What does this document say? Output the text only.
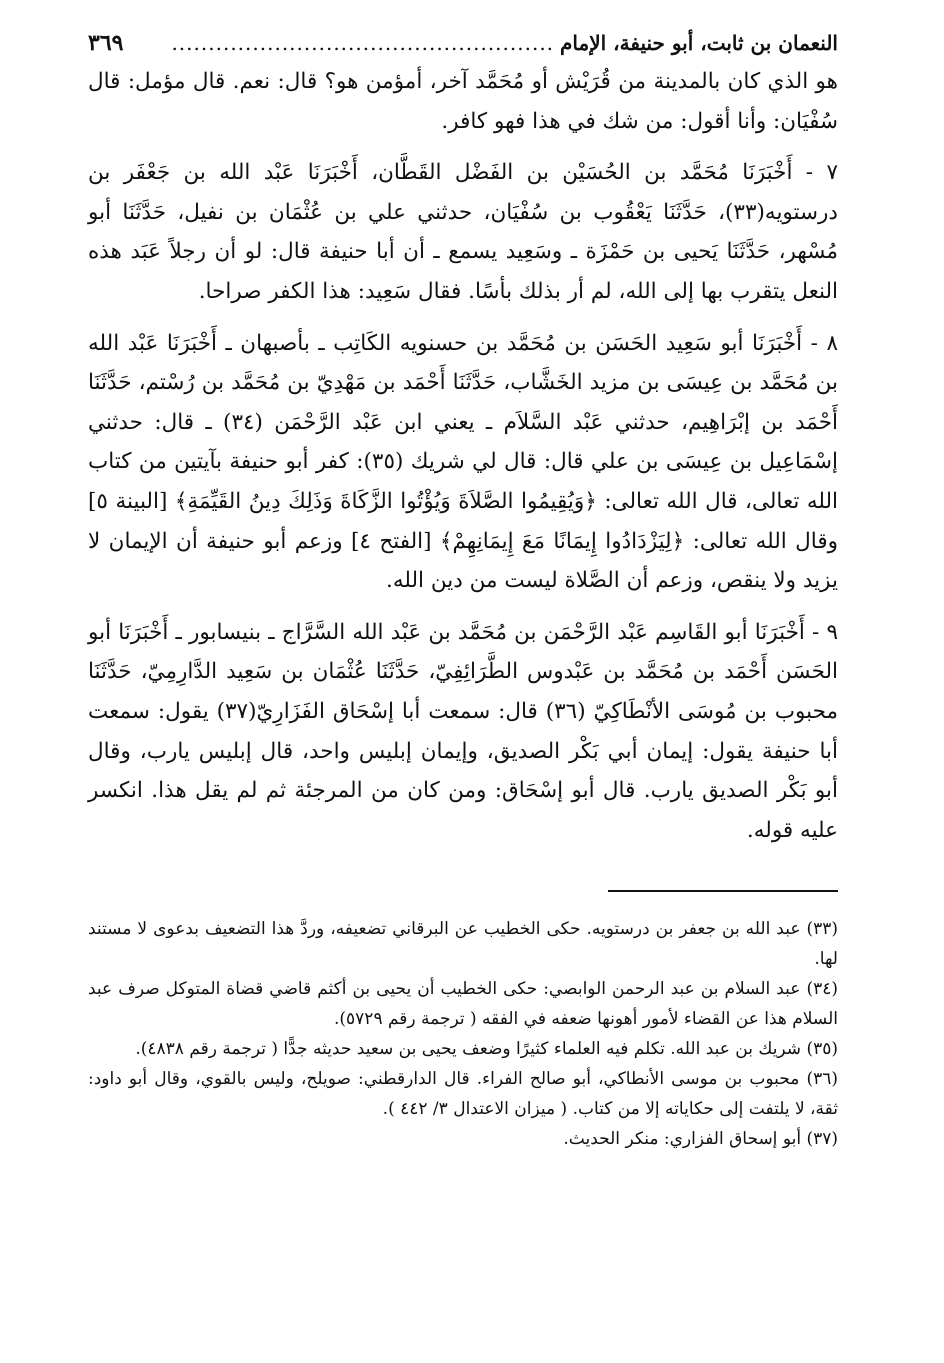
النعمان بن ثابت، أبو حنيفة، الإمام
....................................................
٣٦٩

هو الذي كان بالمدينة من قُرَيْش أو مُحَمَّد آخر، أمؤمن هو؟ قال: نعم. قال مؤمل: قال سُفْيَان: وأنا أقول: من شك في هذا فهو كافر.

٧ - أَخْبَرَنَا مُحَمَّد بن الحُسَيْن بن الفَضْل القَطَّان، أَخْبَرَنَا عَبْد الله بن جَعْفَر بن درستويه(٣٣)، حَدَّثَنَا يَعْقُوب بن سُفْيَان، حدثني علي بن عُثْمَان بن نفيل، حَدَّثَنَا أبو مُسْهر، حَدَّثَنَا يَحيى بن حَمْزَة ـ وسَعِيد يسمع ـ أن أبا حنيفة قال: لو أن رجلاً عَبَد هذه النعل يتقرب بها إلى الله، لم أر بذلك بأسًا. فقال سَعِيد: هذا الكفر صراحا.

٨ - أَخْبَرَنَا أبو سَعِيد الحَسَن بن مُحَمَّد بن حسنويه الكَاتِب ـ بأصبهان ـ أَخْبَرَنَا عَبْد الله بن مُحَمَّد بن عِيسَى بن مزيد الخَشَّاب، حَدَّثَنَا أَحْمَد بن مَهْدِيّ بن مُحَمَّد بن رُسْتم، حَدَّثَنَا أَحْمَد بن إبْرَاهِيم، حدثني عَبْد السَّلاَم ـ يعني ابن عَبْد الرَّحْمَن (٣٤) ـ قال: حدثني إسْمَاعِيل بن عِيسَى بن علي قال: قال لي شريك (٣٥): كفر أبو حنيفة بآيتين من كتاب الله تعالى، قال الله تعالى: ﴿وَيُقِيمُوا الصَّلاَةَ وَيُؤْتُوا الزَّكَاةَ وَذَلِكَ دِينُ القَيِّمَةِ﴾ [البينة ٥] وقال الله تعالى: ﴿لِيَزْدَادُوا إِيمَانًا مَعَ إِيمَانِهِمْ﴾ [الفتح ٤] وزعم أبو حنيفة أن الإيمان لا يزيد ولا ينقص، وزعم أن الصَّلاة ليست من دين الله.

٩ - أَخْبَرَنَا أبو القَاسِم عَبْد الرَّحْمَن بن مُحَمَّد بن عَبْد الله السَّرَّاج ـ بنيسابور ـ أَخْبَرَنَا أبو الحَسَن أَحْمَد بن مُحَمَّد بن عَبْدوس الطَّرَائِفِيّ، حَدَّثَنَا عُثْمَان بن سَعِيد الدَّارِمِيّ، حَدَّثَنَا محبوب بن مُوسَى الأنْطَاكِيّ (٣٦) قال: سمعت أبا إسْحَاق الفَزَارِيّ(٣٧) يقول: سمعت أبا حنيفة يقول: إيمان أبي بَكْر الصديق، وإيمان إبليس واحد، قال إبليس يارب، وقال أبو بَكْر الصديق يارب. قال أبو إسْحَاق: ومن كان من المرجئة ثم لم يقل هذا. انكسر عليه قوله.

(٣٣) عبد الله بن جعفر بن درستويه. حكى الخطيب عن البرقاني تضعيفه، وردَّ هذا التضعيف بدعوى لا مستند لها.

(٣٤) عبد السلام بن عبد الرحمن الوابصي: حكى الخطيب أن يحيى بن أكثم قاضي قضاة المتوكل صرف عبد السلام هذا عن القضاء لأمور أهونها ضعفه في الفقه ( ترجمة رقم ٥٧٢٩).

(٣٥) شريك بن عبد الله. تكلم فيه العلماء كثيرًا وضعف يحيى بن سعيد حديثه جدًّا ( ترجمة رقم ٤٨٣٨).

(٣٦) محبوب بن موسى الأنطاكي، أبو صالح الفراء. قال الدارقطني: صويلح، وليس بالقوي، وقال أبو داود: ثقة، لا يلتفت إلى حكاياته إلا من كتاب. ( ميزان الاعتدال ٣/ ٤٤٢ ).

(٣٧) أبو إسحاق الفزاري: منكر الحديث.
